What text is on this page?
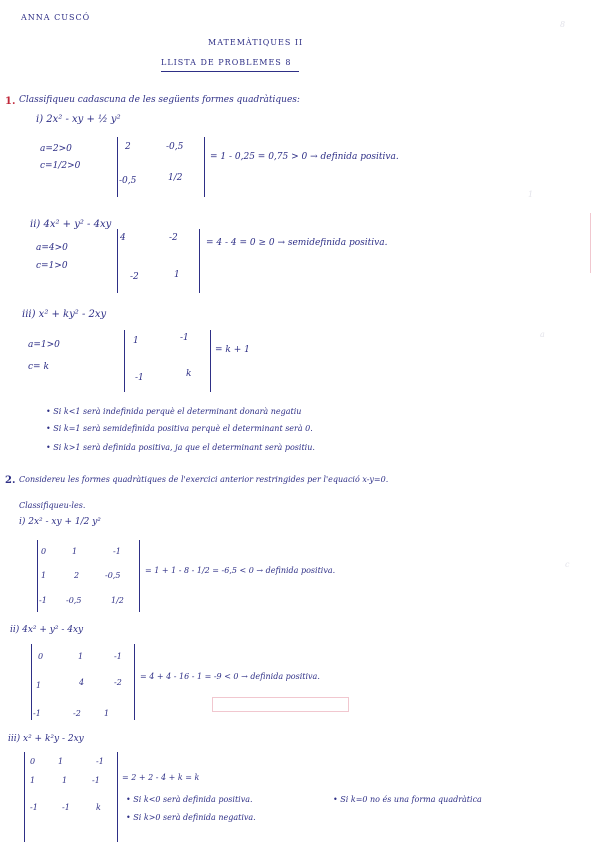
8
1
a
c
ANNA CUSCÓ
MATEMÀTIQUES II
LLISTA DE PROBLEMES 8
1. Classifiqueu cadascuna de les següents formes quadràtiques:
i) 2x² - xy + ½ y²
a=2>0
c=1/2>0
2	-0,5
-0,5	1/2
= 1 - 0,25 = 0,75 > 0 → definida positiva.
ii) 4x² + y² - 4xy
a=4>0
c=1>0
4	-2
-2	1
= 4 - 4 = 0 ≥ 0 → semidefinida positiva.
iii) x² + ky² - 2xy
a=1>0
c= k
1	-1
-1	k
= k + 1
• Si k<1 serà indefinida perquè el determinant donarà negatiu
• Si k=1 serà semidefinida positiva perquè el determinant serà 0.
• Si k>1 serà definida positiva, ja que el determinant serà positiu.
2. Considereu les formes quadràtiques de l'exercici anterior restringides per l'equació x-y=0.
Classifiqueu-les.
i) 2x² - xy + 1/2 y²
0	1	-1
1	2	-0,5
-1 -0,5	1/2
= 1 + 1 - 8 - 1/2 = -6,5 < 0 → definida positiva.
ii) 4x² + y² - 4xy
0	1	-1
1	4	-2
-1	-2	1
= 4 + 4 - 16 - 1 = -9 < 0 → definida positiva.
iii) x² + k²y - 2xy
0	1	-1
1	1	-1
-1	-1	k
= 2 + 2 - 4 + k = k
• Si k<0 serà definida positiva.
• Si k>0 serà definida negativa.
• Si k=0 no és una forma quadràtica
